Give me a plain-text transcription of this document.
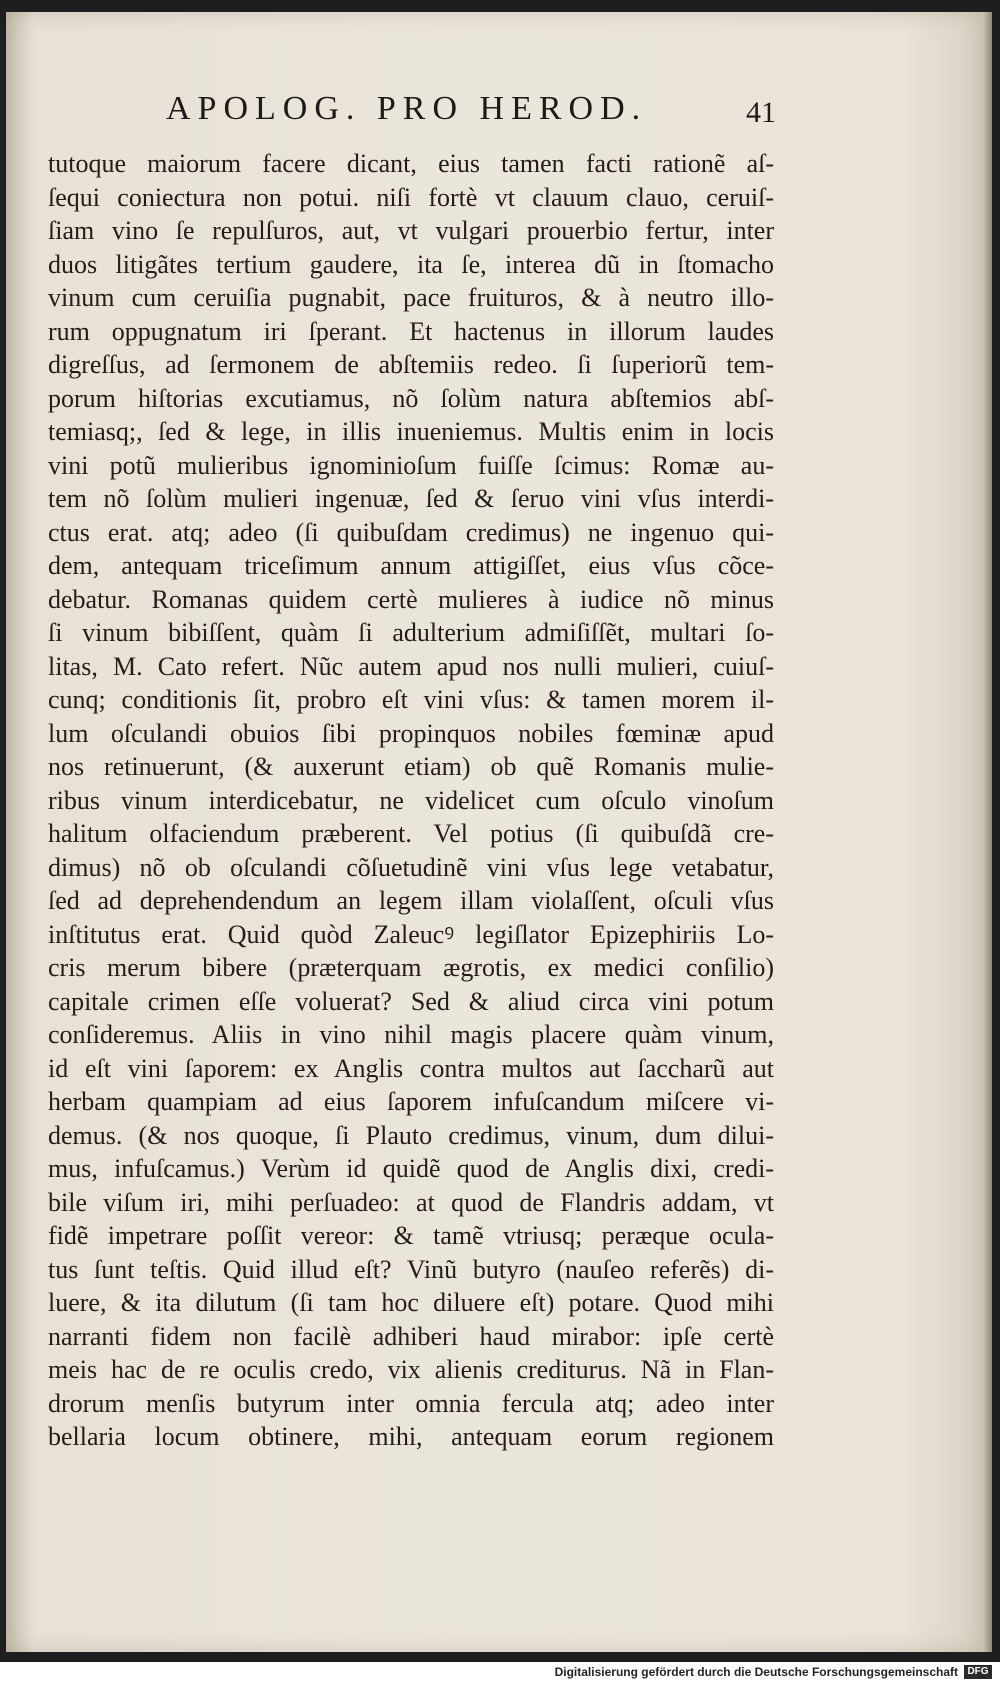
APOLOG. PRO HEROD.	41
tutoque maiorum facere dicant, eius tamen facti rationẽ aſ-
ſequi coniectura non potui. niſi fortè vt clauum clauo, ceruiſ-
ſiam vino ſe repulſuros, aut, vt vulgari prouerbio fertur, inter
duos litigãtes tertium gaudere, ita ſe, interea dũ in ſtomacho
vinum cum ceruiſia pugnabit, pace fruituros, & à neutro illo-
rum oppugnatum iri ſperant. Et hactenus in illorum laudes
digreſſus, ad ſermonem de abſtemiis redeo. ſi ſuperiorũ tem-
porum hiſtorias excutiamus, nõ ſolùm natura abſtemios abſ-
temiasq;, ſed & lege, in illis inueniemus. Multis enim in locis
vini potũ mulieribus ignominioſum fuiſſe ſcimus: Romæ au-
tem nõ ſolùm mulieri ingenuæ, ſed & ſeruo vini vſus interdi-
ctus erat. atq; adeo (ſi quibuſdam credimus) ne ingenuo qui-
dem, antequam triceſimum annum attigiſſet, eius vſus cõce-
debatur. Romanas quidem certè mulieres à iudice nõ minus
ſi vinum bibiſſent, quàm ſi adulterium admiſiſſẽt, multari ſo-
litas, M. Cato refert. Nũc autem apud nos nulli mulieri, cuiuſ-
cunq; conditionis ſit, probro eſt vini vſus: & tamen morem il-
lum oſculandi obuios ſibi propinquos nobiles fœminæ apud
nos retinuerunt, (& auxerunt etiam) ob quẽ Romanis mulie-
ribus vinum interdicebatur, ne videlicet cum oſculo vinoſum
halitum olfaciendum præberent. Vel potius (ſi quibuſdã cre-
dimus) nõ ob oſculandi cõſuetudinẽ vini vſus lege vetabatur,
ſed ad deprehendendum an legem illam violaſſent, oſculi vſus
inſtitutus erat. Quid quòd Zaleucꝰ legiſlator Epizephiriis Lo-
cris merum bibere (præterquam ægrotis, ex medici conſilio)
capitale crimen eſſe voluerat? Sed & aliud circa vini potum
conſideremus. Aliis in vino nihil magis placere quàm vinum,
id eſt vini ſaporem: ex Anglis contra multos aut ſaccharũ aut
herbam quampiam ad eius ſaporem infuſcandum miſcere vi-
demus. (& nos quoque, ſi Plauto credimus, vinum, dum dilui-
mus, infuſcamus.) Verùm id quidẽ quod de Anglis dixi, credi-
bile viſum iri, mihi perſuadeo: at quod de Flandris addam, vt
fidẽ impetrare poſſit vereor: & tamẽ vtriusq; peræque ocula-
tus ſunt teſtis. Quid illud eſt? Vinũ butyro (nauſeo referẽs) di-
luere, & ita dilutum (ſi tam hoc diluere eſt) potare. Quod mihi
narranti fidem non facilè adhiberi haud mirabor: ipſe certè
meis hac de re oculis credo, vix alienis crediturus. Nã in Flan-
drorum menſis butyrum inter omnia fercula atq; adeo inter
bellaria locum obtinere, mihi, antequam eorum regionem
Digitalisierung gefördert durch die Deutsche Forschungsgemeinschaft DFG
